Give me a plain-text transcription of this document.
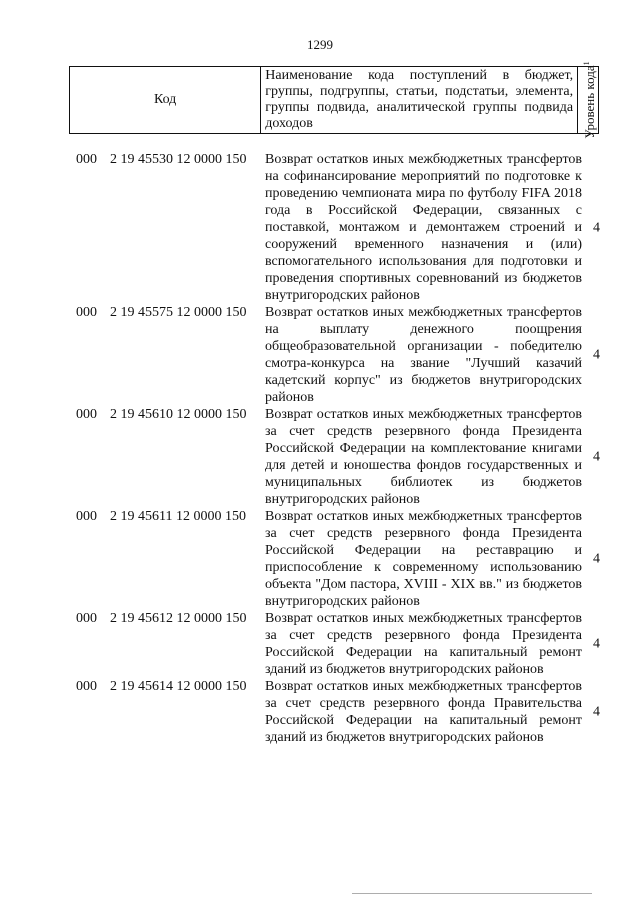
1299
Код
Наименование кода поступлений в бюджет, группы, подгруппы, статьи, подстатьи, элемента, группы подвида, аналитической группы подвида доходов	Уровень кода$^1$
000 2 19 45530 12 0000 150 Возврат остатков иных межбюджетных трансфертов на софинансирование мероприятий по подготовке к проведению чемпионата мира по футболу FIFA 2018 года в Российской Федерации, связанных с поставкой, монтажом и демонтажем строений и сооружений временного назначения и (или) вспомогательного использования для подготовки и проведения спортивных соревнований из бюджетов внутригородских районов
4
000 2 19 45575 12 0000 150 Возврат остатков иных межбюджетных трансфертов на выплату денежного поощрения общеобразовательной организации - победителю смотра-конкурса на звание "Лучший казачий кадетский корпус" из бюджетов внутригородских районов
4
000 2 19 45610 12 0000 150 Возврат остатков иных межбюджетных трансфертов за счет средств резервного фонда Президента Российской Федерации на комплектование книгами для детей и юношества фондов государственных и муниципальных библиотек из бюджетов внутригородских районов
4
000 2 19 45611 12 0000 150 Возврат остатков иных межбюджетных трансфертов за счет средств резервного фонда Президента Российской Федерации на реставрацию и приспособление к современному использованию объекта "Дом пастора, XVIII - XIX вв." из бюджетов внутригородских районов
4
000 2 19 45612 12 0000 150 Возврат остатков иных межбюджетных трансфертов за счет средств резервного фонда Президента Российской Федерации на капитальный ремонт зданий из бюджетов внутригородских районов
4
000 2 19 45614 12 0000 150 Возврат остатков иных межбюджетных трансфертов за счет средств резервного фонда Правительства Российской Федерации на капитальный ремонт зданий из бюджетов внутригородских районов
4
